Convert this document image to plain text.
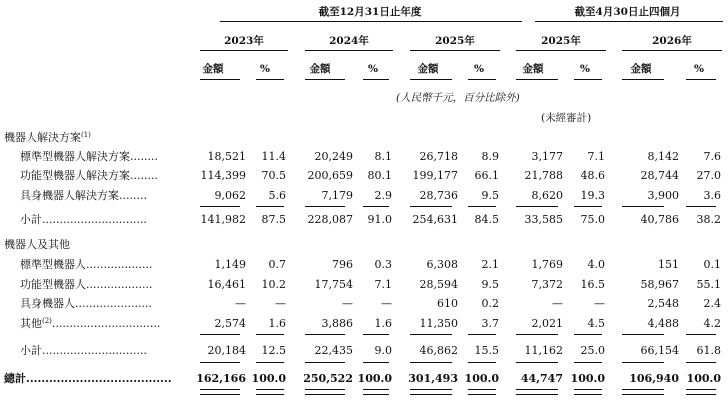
截至12月31日止年度	截至4月30日止四個月
2023年	2024年	2025年	2025年	2026年
金額	%	金額	%	金額	%	金額	%	金額	%
(人民幣千元，百分比除外)
(未經審計)
機器人解決方案$^{(1)}$
標準型機器人解決方案........	18,521	11.4	20,249	8.1	26,718	8.9	3,177	7.1	8,142	7.6
功能型機器人解決方案........	114,399	70.5	200,659	80.1	199,177	66.1	21,788	48.6	28,744	27.0
具身機器人解決方案........	9,062	5.6	7,179	2.9	28,736	9.5	8,620	19.3	3,900	3.6
小計..............................	141,982	87.5	228,087	91.0	254,631	84.5	33,585	75.0	40,786	38.2
機器人及其他
標準型機器人...................	1,149	0.7	796	0.3	6,308	2.1	1,769	4.0	151	0.1
功能型機器人...................	16,461	10.2	17,754	7.1	28,594	9.5	7,372	16.5	58,967	55.1
具身機器人......................	—	—	—	—	610	0.2	—	—	2,548	2.4
其他$^{(2)}$...............................	2,574	1.6	3,886	1.6	11,350	3.7	2,021	4.5	4,488	4.2
小計..............................	20,184	12.5	22,435	9.0	46,862	15.5	11,162	25.0	66,154	61.8
總計......................................	162,166 100.0	250,522 100.0	301,493 100.0	44,747 100.0	106,940 100.0
